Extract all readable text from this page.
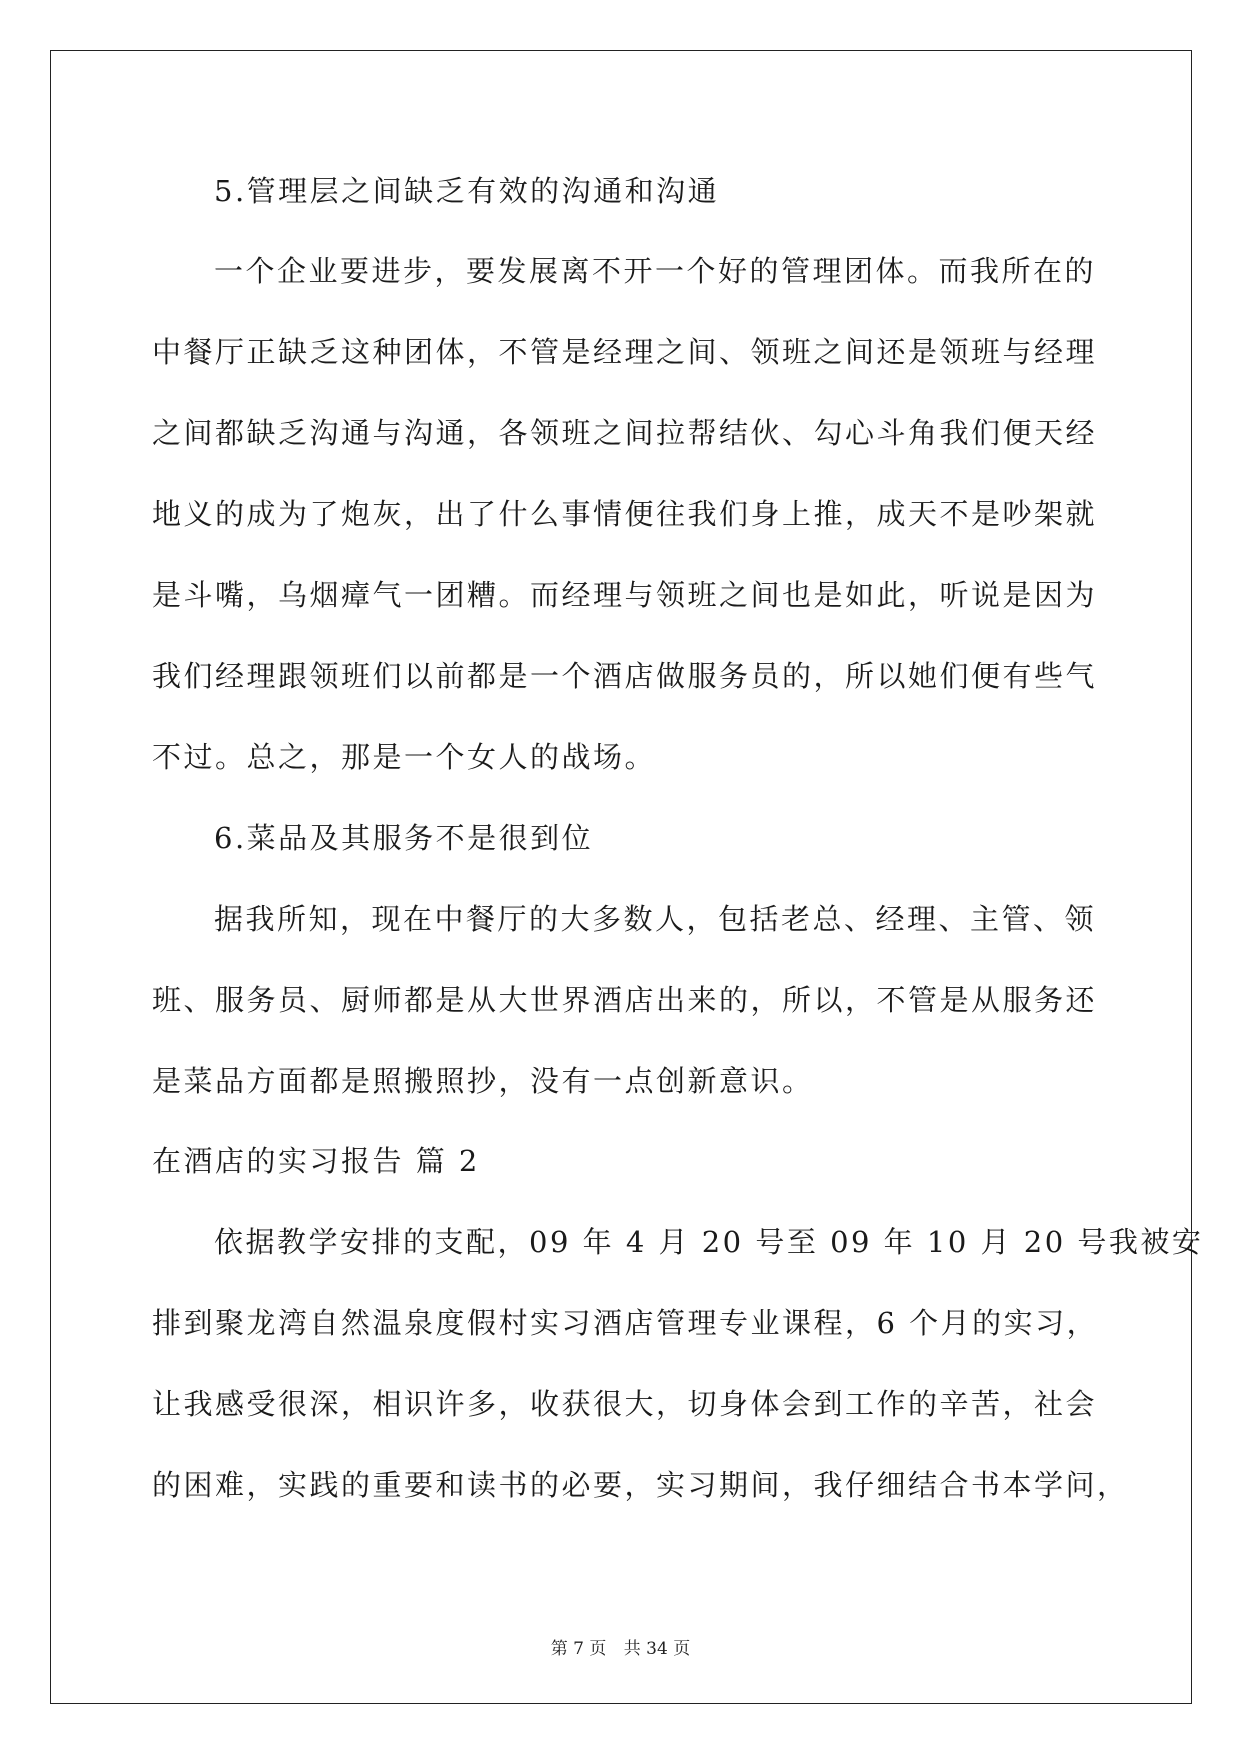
5.管理层之间缺乏有效的沟通和沟通
一个企业要进步，要发展离不开一个好的管理团体。而我所在的
中餐厅正缺乏这种团体，不管是经理之间、领班之间还是领班与经理
之间都缺乏沟通与沟通，各领班之间拉帮结伙、勾心斗角我们便天经
地义的成为了炮灰，出了什么事情便往我们身上推，成天不是吵架就
是斗嘴，乌烟瘴气一团糟。而经理与领班之间也是如此，听说是因为
我们经理跟领班们以前都是一个酒店做服务员的，所以她们便有些气
不过。总之，那是一个女人的战场。
6.菜品及其服务不是很到位
据我所知，现在中餐厅的大多数人，包括老总、经理、主管、领
班、服务员、厨师都是从大世界酒店出来的，所以，不管是从服务还
是菜品方面都是照搬照抄，没有一点创新意识。
在酒店的实习报告 篇 2
依据教学安排的支配，09 年 4 月 20 号至 09 年 10 月 20 号我被安
排到聚龙湾自然温泉度假村实习酒店管理专业课程，6 个月的实习，
让我感受很深，相识许多，收获很大，切身体会到工作的辛苦，社会
的困难，实践的重要和读书的必要，实习期间，我仔细结合书本学问，
第 7 页 共 34 页
